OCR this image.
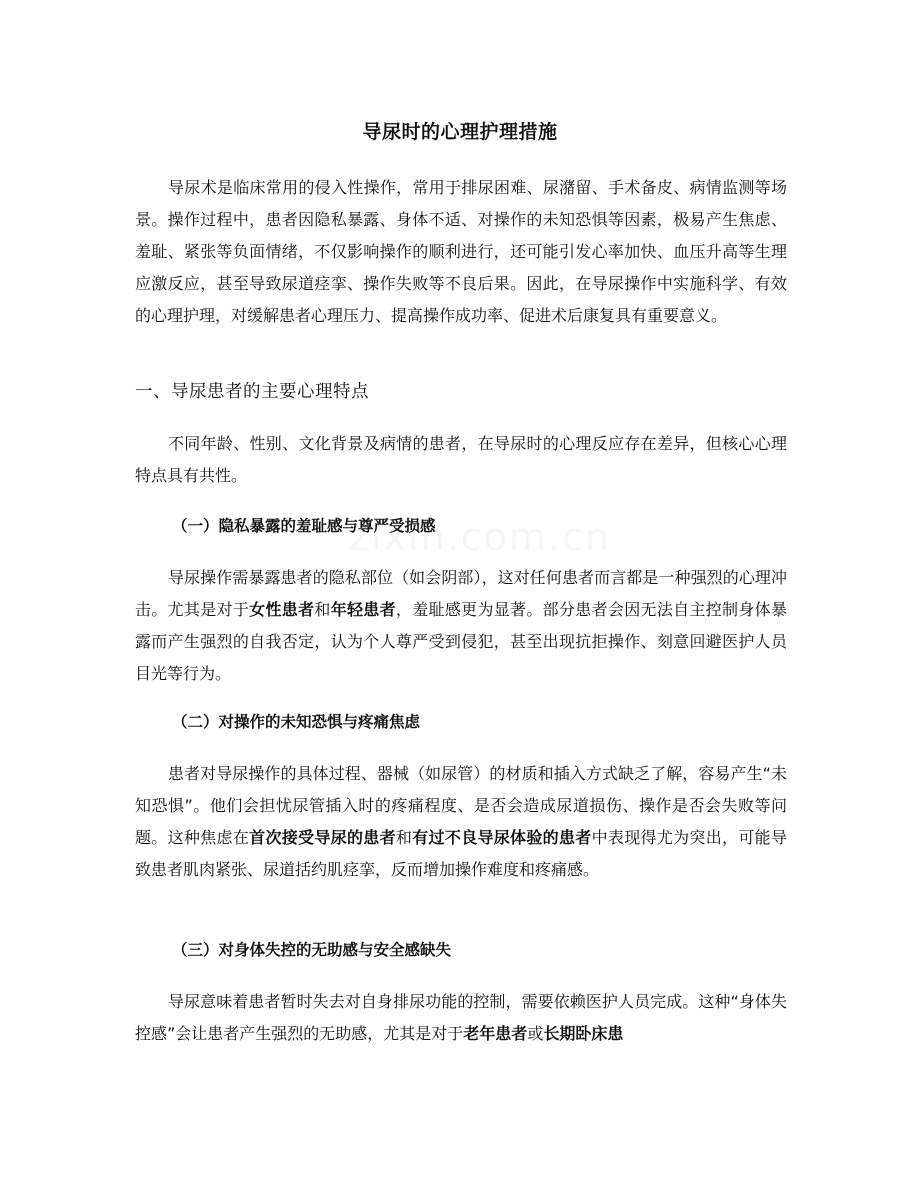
导尿时的心理护理措施
导尿术是临床常用的侵入性操作，常用于排尿困难、尿潴留、手术备皮、病情监测等场景。操作过程中，患者因隐私暴露、身体不适、对操作的未知恐惧等因素，极易产生焦虑、羞耻、紧张等负面情绪，不仅影响操作的顺利进行，还可能引发心率加快、血压升高等生理应激反应，甚至导致尿道痉挛、操作失败等不良后果。因此，在导尿操作中实施科学、有效的心理护理，对缓解患者心理压力、提高操作成功率、促进术后康复具有重要意义。
一、导尿患者的主要心理特点
不同年龄、性别、文化背景及病情的患者，在导尿时的心理反应存在差异，但核心心理特点具有共性。
（一）隐私暴露的羞耻感与尊严受损感
导尿操作需暴露患者的隐私部位（如会阴部），这对任何患者而言都是一种强烈的心理冲击。尤其是对于女性患者和年轻患者，羞耻感更为显著。部分患者会因无法自主控制身体暴露而产生强烈的自我否定，认为个人尊严受到侵犯，甚至出现抗拒操作、刻意回避医护人员目光等行为。
（二）对操作的未知恐惧与疼痛焦虑
患者对导尿操作的具体过程、器械（如尿管）的材质和插入方式缺乏了解，容易产生“未知恐惧”。他们会担忧尿管插入时的疼痛程度、是否会造成尿道损伤、操作是否会失败等问题。这种焦虑在首次接受导尿的患者和有过不良导尿体验的患者中表现得尤为突出，可能导致患者肌肉紧张、尿道括约肌痉挛，反而增加操作难度和疼痛感。
（三）对身体失控的无助感与安全感缺失
导尿意味着患者暂时失去对自身排尿功能的控制，需要依赖医护人员完成。这种“身体失控感”会让患者产生强烈的无助感，尤其是对于老年患者或长期卧床患
